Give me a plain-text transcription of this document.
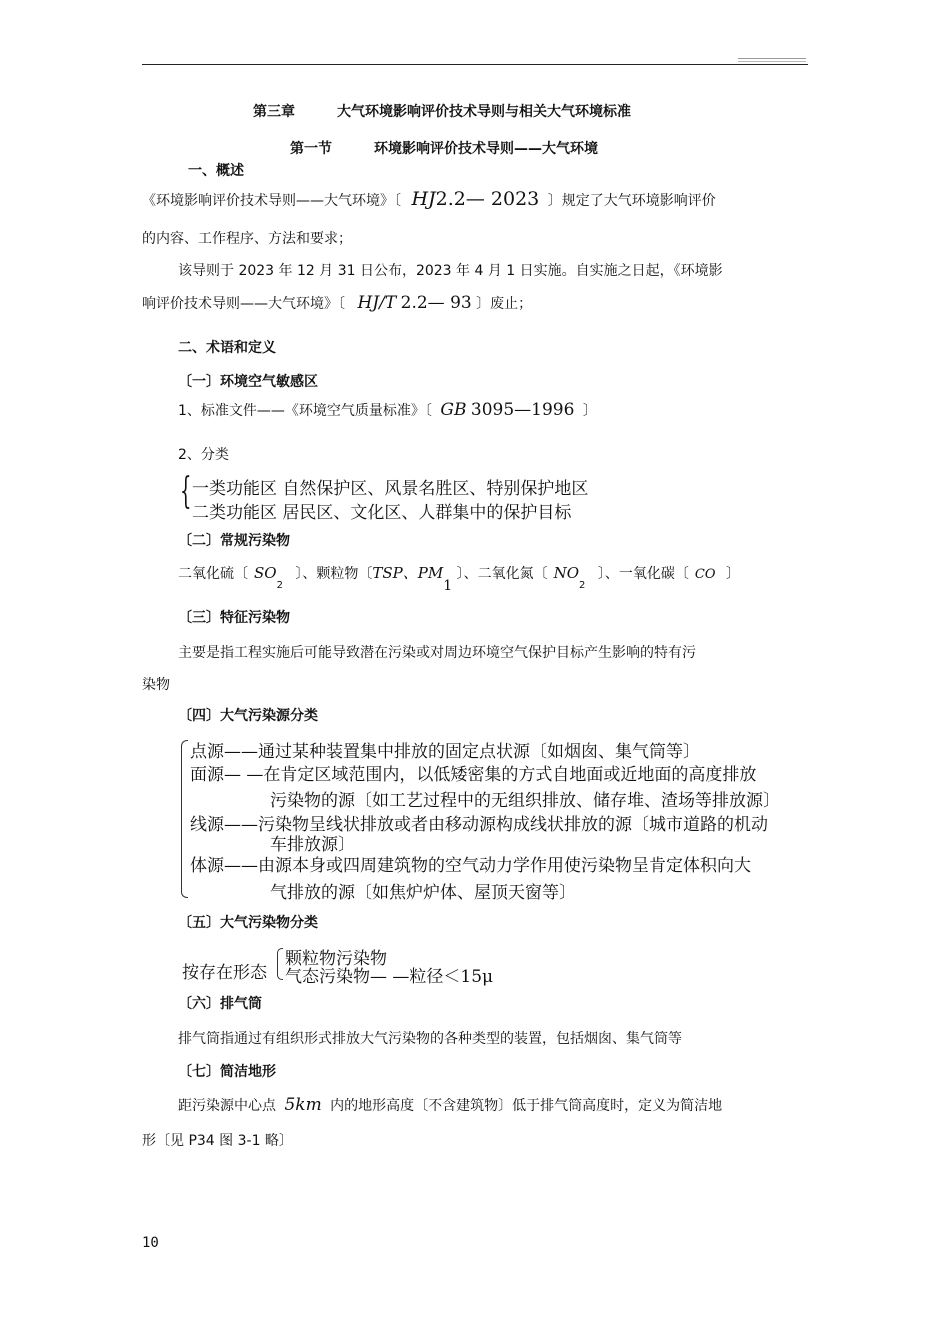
第三章　　　大气环境影响评价技术导则与相关大气环境标准
第一节　　　环境影响评价技术导则——大气环境
一、概述
《环境影响评价技术导则——大气环境》〔 HJ2.2— 2023 〕规定了大气环境影响评价
的内容、工作程序、方法和要求；
该导则于 2023 年 12 月 31 日公布，2023 年 4 月 1 日实施。自实施之日起，《环境影
响评价技术导则——大气环境》〔 HJ/T 2.2— 93 〕废止；
二、术语和定义
〔一〕环境空气敏感区
1、标准文件——《环境空气质量标准》〔 GB 3095—1996 〕
2、分类
{ 一类功能区 自然保护区、风景名胜区、特别保护地区
二类功能区 居民区、文化区、人群集中的保护目标
〔二〕常规污染物
二氧化硫〔 $SO_2$ 〕、颗粒物〔TSP、PM1 〕、二氧化氮〔 $NO_2$ 〕、一氧化碳〔 CO 〕
〔三〕特征污染物
主要是指工程实施后可能导致潜在污染或对周边环境空气保护目标产生影响的特有污
染物
〔四〕大气污染源分类
点源——通过某种装置集中排放的固定点状源〔如烟囱、集气筒等〕
面源— —在肯定区域范围内，以低矮密集的方式自地面或近地面的高度排放
污染物的源〔如工艺过程中的无组织排放、储存堆、渣场等排放源〕
线源——污染物呈线状排放或者由移动源构成线状排放的源〔城市道路的机动
车排放源〕
体源——由源本身或四周建筑物的空气动力学作用使污染物呈肯定体积向大
气排放的源〔如焦炉炉体、屋顶天窗等〕
〔五〕大气污染物分类
按存在形态
颗粒物污染物
气态污染物— —粒径＜15μ
〔六〕排气筒
排气筒指通过有组织形式排放大气污染物的各种类型的装置，包括烟囱、集气筒等
〔七〕简洁地形
距污染源中心点 5km 内的地形高度〔不含建筑物〕低于排气筒高度时，定义为简洁地
形〔见 P34 图 3-1 略〕
10
